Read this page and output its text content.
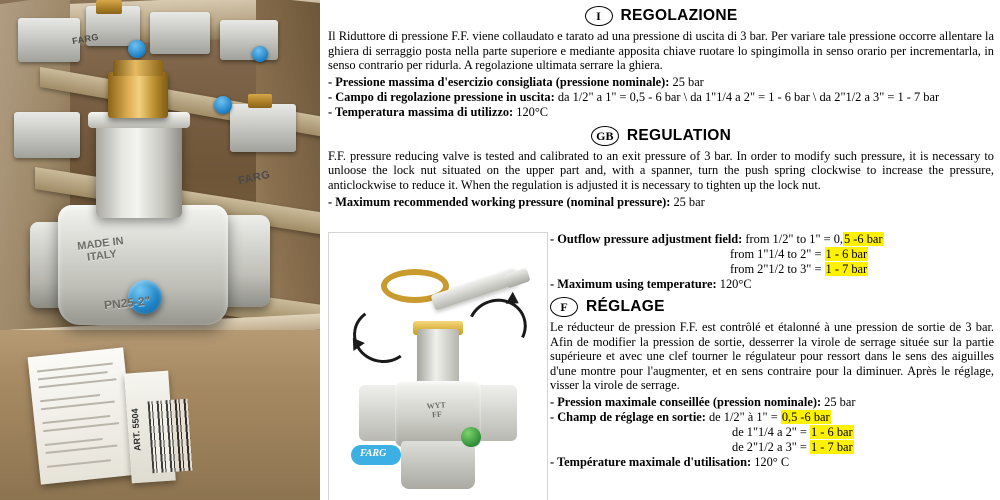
FARG
FARG
MADE IN
ITALY
PN25-2"
ART. 5504
I	REGOLAZIONE

Il Riduttore di pressione F.F. viene collaudato e tarato ad una pressione di uscita di 3 bar. Per variare tale pressione occorre allentare la ghiera di serraggio posta nella parte superiore e mediante apposita chiave ruotare lo spingimolla in senso orario per incrementarla, in senso contrario per ridurla. A regolazione ultimata serrare la ghiera.

- Pressione massima d'esercizio consigliata (pressione nominale): 25 bar
- Campo di regolazione pressione in uscita: da 1/2" a 1" = 0,5 - 6 bar \ da 1"1/4 a 2" = 1 - 6 bar \ da 2"1/2 a 3" = 1 - 7 bar
- Temperatura massima di utilizzo: 120°C
GB REGULATION

F.F. pressure reducing valve is tested and calibrated to an exit pressure of 3 bar. In order to modify such pressure, it is necessary to unloose the lock nut situated on the upper part and, with a spanner, turn the push spring clockwise to increase the pressure, anticlockwise to reduce it. When the regulation is adjusted it is necessary to tighten up the lock nut.

- Maximum recommended working pressure (nominal pressure): 25 bar
WYT
FF
FARG
- Outflow pressure adjustment field: from 1/2" to 1" = 0,5 -6 bar
from 1"1/4 to 2" = 1 - 6 bar
from 2"1/2 to 3" = 1 - 7 bar
- Maximum using temperature: 120°C
F	RÉGLAGE

Le réducteur de pression F.F. est contrôlé et étalonné à une pression de sortie de 3 bar. Afin de modifier la pression de sortie, desserrer la virole de serrage située sur la partie supérieure et avec une clef tourner le régulateur pour ressort dans le sens des aiguilles d'une montre pour l'augmenter, et en sens contraire pour la diminuer. Après le réglage, visser la virole de serrage.

- Pression maximale conseillée (pression nominale): 25 bar
- Champ de réglage en sortie: de 1/2" à 1" = 0,5 -6 bar
de 1"1/4 a 2" = 1 - 6 bar
de 2"1/2 a 3" = 1 - 7 bar
- Température maximale d'utilisation: 120° C
